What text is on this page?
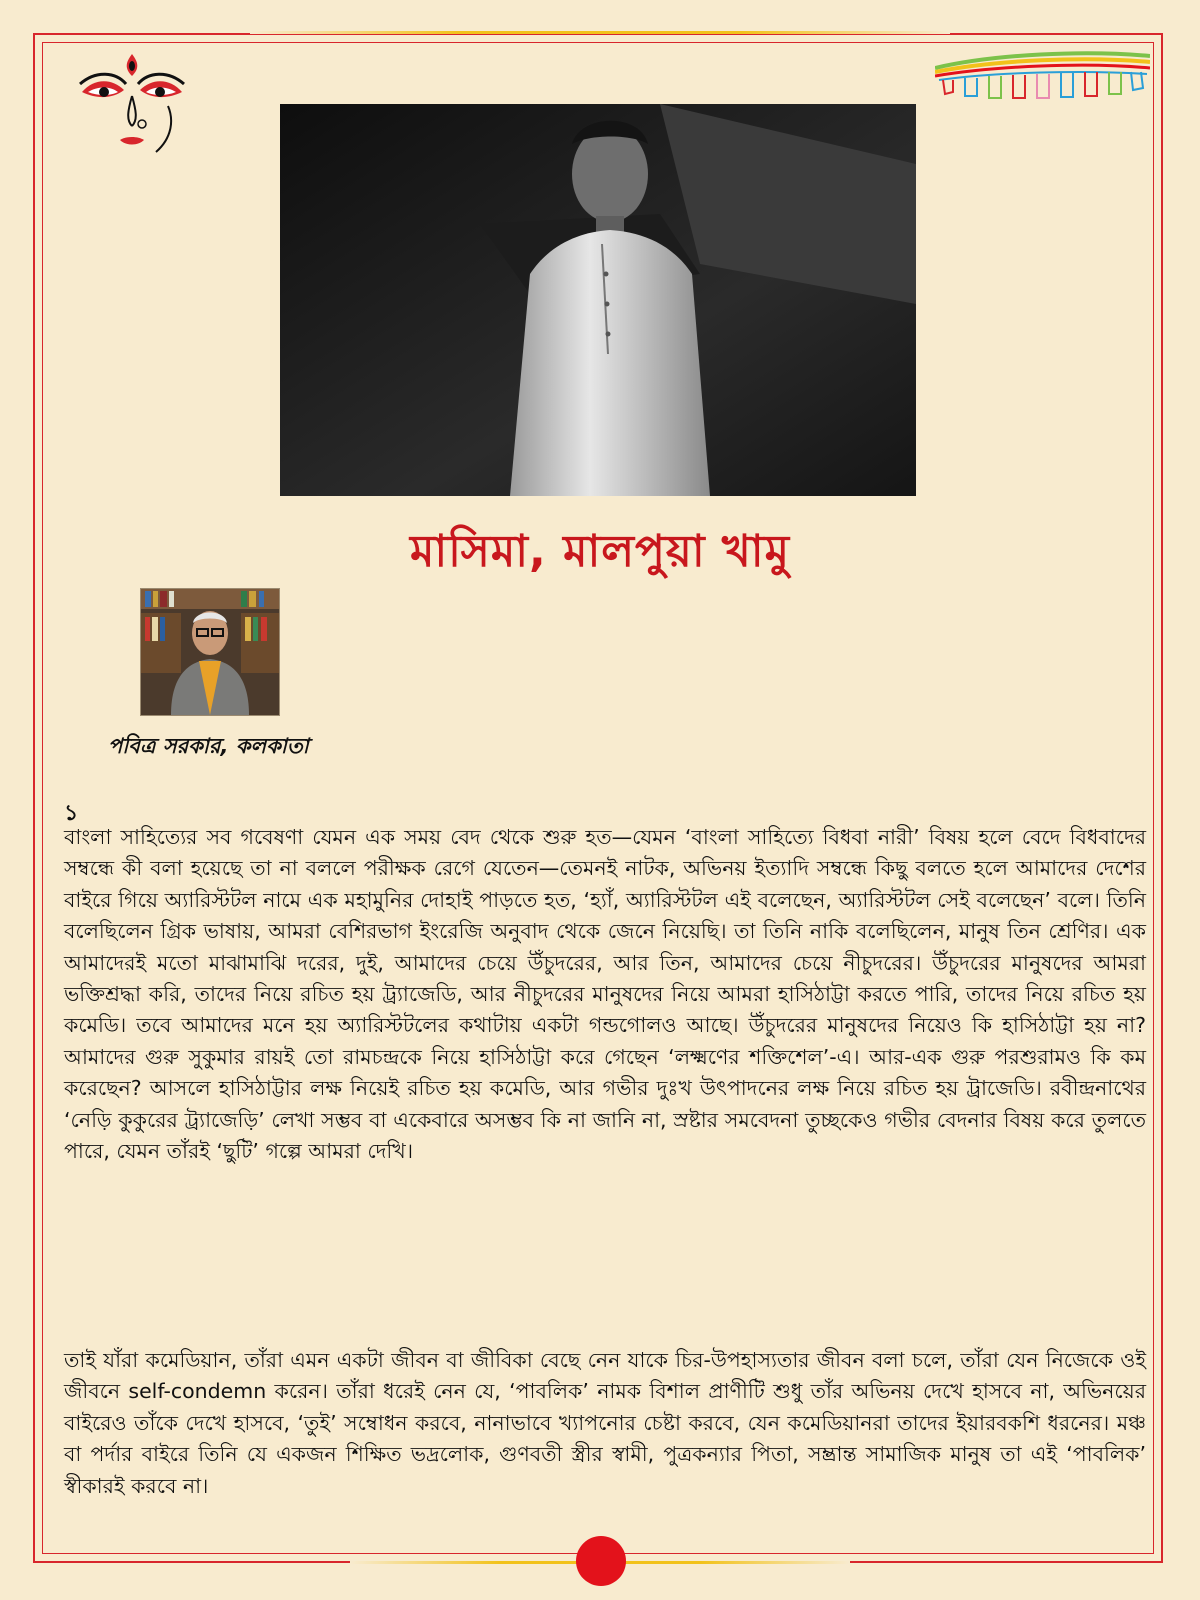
মাসিমা, মালপুয়া খামু
পবিত্র সরকার, কলকাতা
১

বাংলা সাহিত্যের সব গবেষণা যেমন এক সময় বেদ থেকে শুরু হত—যেমন ‘বাংলা সাহিত্যে বিধবা নারী’ বিষয় হলে বেদে বিধবাদের সম্বন্ধে কী বলা হয়েছে তা না বললে পরীক্ষক রেগে যেতেন—তেমনই নাটক, অভিনয় ইত্যাদি সম্বন্ধে কিছু বলতে হলে আমাদের দেশের বাইরে গিয়ে অ্যারিস্টটল নামে এক মহামুনির দোহাই পাড়তে হত, ‘হ্যাঁ, অ্যারিস্টটল এই বলেছেন, অ্যারিস্টটল সেই বলেছেন’ বলে। তিনি বলেছিলেন গ্রিক ভাষায়, আমরা বেশিরভাগ ইংরেজি অনুবাদ থেকে জেনে নিয়েছি। তা তিনি নাকি বলেছিলেন, মানুষ তিন শ্রেণির। এক আমাদেরই মতো মাঝামাঝি দরের, দুই, আমাদের চেয়ে উঁচুদরের, আর তিন, আমাদের চেয়ে নীচুদরের। উঁচুদরের মানুষদের আমরা ভক্তিশ্রদ্ধা করি, তাদের নিয়ে রচিত হয় ট্র্যাজেডি, আর নীচুদরের মানুষদের নিয়ে আমরা হাসিঠাট্টা করতে পারি, তাদের নিয়ে রচিত হয় কমেডি। তবে আমাদের মনে হয় অ্যারিস্টটলের কথাটায় একটা গন্ডগোলও আছে। উঁচুদরের মানুষদের নিয়েও কি হাসিঠাট্টা হয় না? আমাদের গুরু সুকুমার রায়ই তো রামচন্দ্রকে নিয়ে হাসিঠাট্টা করে গেছেন ‘লক্ষ্মণের শক্তিশেল’-এ। আর-এক গুরু পরশুরামও কি কম করেছেন? আসলে হাসিঠাট্টার লক্ষ নিয়েই রচিত হয় কমেডি, আর গভীর দুঃখ উৎপাদনের লক্ষ নিয়ে রচিত হয় ট্রাজেডি। রবীন্দ্রনাথের ‘নেড়ি কুকুরের ট্র্যাজেড়ি’ লেখা সম্ভব বা একেবারে অসম্ভব কি না জানি না, স্রষ্টার সমবেদনা তুচ্ছকেও গভীর বেদনার বিষয় করে তুলতে পারে, যেমন তাঁরই ‘ছুটি’ গল্পে আমরা দেখি।

তাই যাঁরা কমেডিয়ান, তাঁরা এমন একটা জীবন বা জীবিকা বেছে নেন যাকে চির-উপহাস্যতার জীবন বলা চলে, তাঁরা যেন নিজেকে ওই জীবনে self-condemn করেন। তাঁরা ধরেই নেন যে, ‘পাবলিক’ নামক বিশাল প্রাণীটি শুধু তাঁর অভিনয় দেখে হাসবে না, অভিনয়ের বাইরেও তাঁকে দেখে হাসবে, ‘তুই’ সম্বোধন করবে, নানাভাবে খ্যাপনোর চেষ্টা করবে, যেন কমেডিয়ানরা তাদের ইয়ারবকশি ধরনের। মঞ্চ বা পর্দার বাইরে তিনি যে একজন শিক্ষিত ভদ্রলোক, গুণবতী স্ত্রীর স্বামী, পুত্রকন্যার পিতা, সম্ভ্রান্ত সামাজিক মানুষ তা এই ‘পাবলিক’ স্বীকারই করবে না।
